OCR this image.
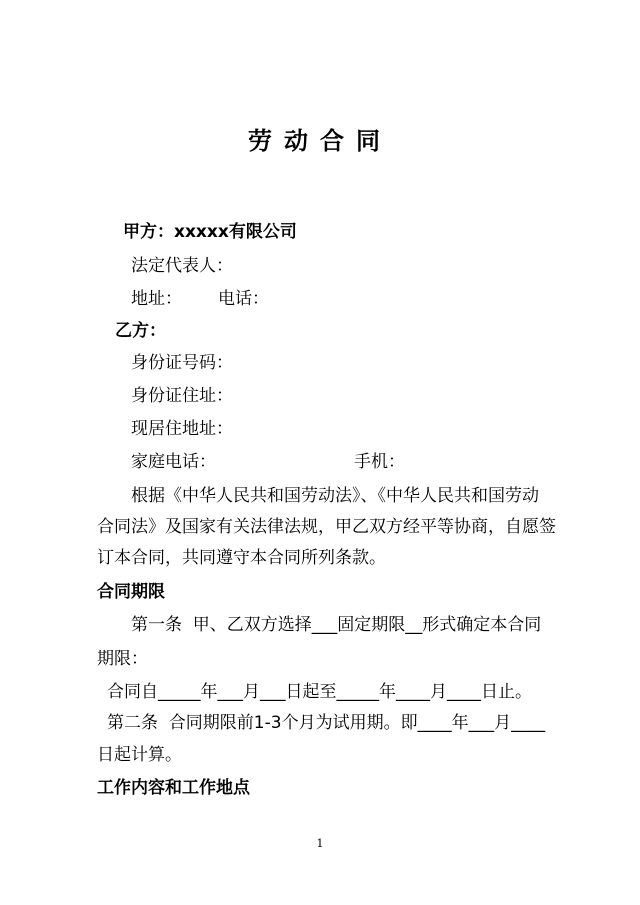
劳动合同
甲方：xxxxx有限公司
法定代表人：
地址： 电话：
乙方：
身份证号码：
身份证住址：
现居住地址：
家庭电话：	手机：
根据《中华人民共和国劳动法》、《中华人民共和国劳动
合同法》及国家有关法律法规，甲乙双方经平等协商，自愿签
订本合同，共同遵守本合同所列条款。
合同期限
第一条  甲、乙双方选择___固定期限__形式确定本合同
期限：
合同自_____年___月___日起至_____年____月____日止。
第二条  合同期限前1-3个月为试用期。即____年___月____
日起计算。
工作内容和工作地点
1
